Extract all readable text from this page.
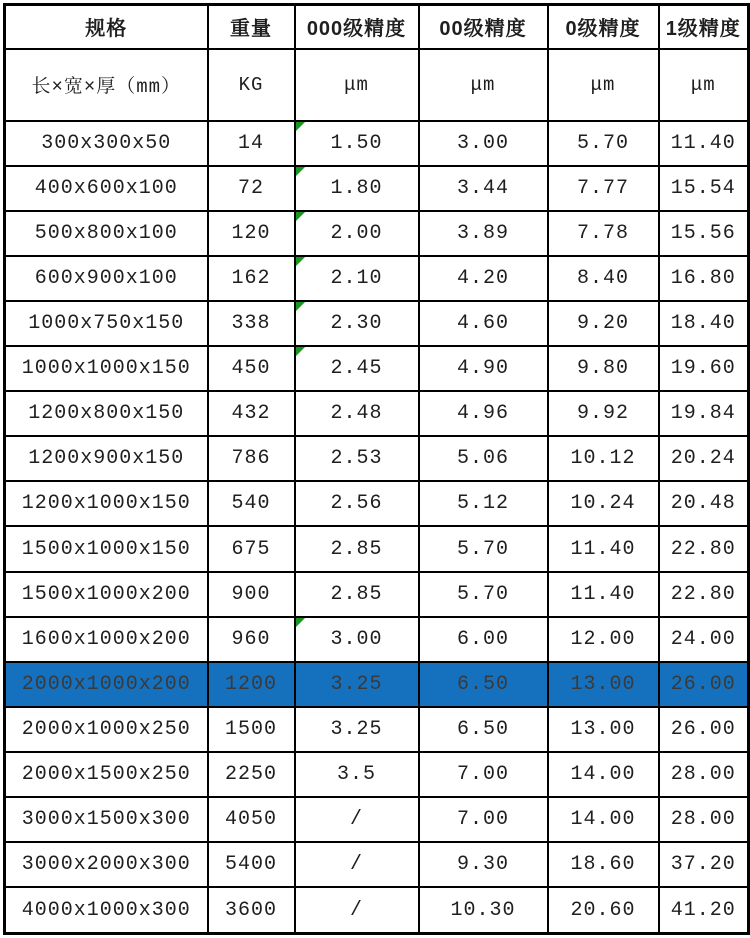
规格	重量	000级精度	00级精度	0级精度	1级精度
长×宽×厚（mm）	KG	μm	μm	μm	μm
300x300x50	14	1.50	3.00	5.70	11.40
400x600x100	72	1.80	3.44	7.77	15.54
500x800x100	120	2.00	3.89	7.78	15.56
600x900x100	162	2.10	4.20	8.40	16.80
1000x750x150	338	2.30	4.60	9.20	18.40
1000x1000x150	450	2.45	4.90	9.80	19.60
1200x800x150	432	2.48	4.96	9.92	19.84
1200x900x150	786	2.53	5.06	10.12	20.24
1200x1000x150	540	2.56	5.12	10.24	20.48
1500x1000x150	675	2.85	5.70	11.40	22.80
1500x1000x200	900	2.85	5.70	11.40	22.80
1600x1000x200	960	3.00	6.00	12.00	24.00
2000x1000x200	1200	3.25	6.50	13.00	26.00
2000x1000x250	1500	3.25	6.50	13.00	26.00
2000x1500x250	2250	3.5	7.00	14.00	28.00
3000x1500x300	4050	/	7.00	14.00	28.00
3000x2000x300	5400	/	9.30	18.60	37.20
4000x1000x300	3600	/	10.30	20.60	41.20
